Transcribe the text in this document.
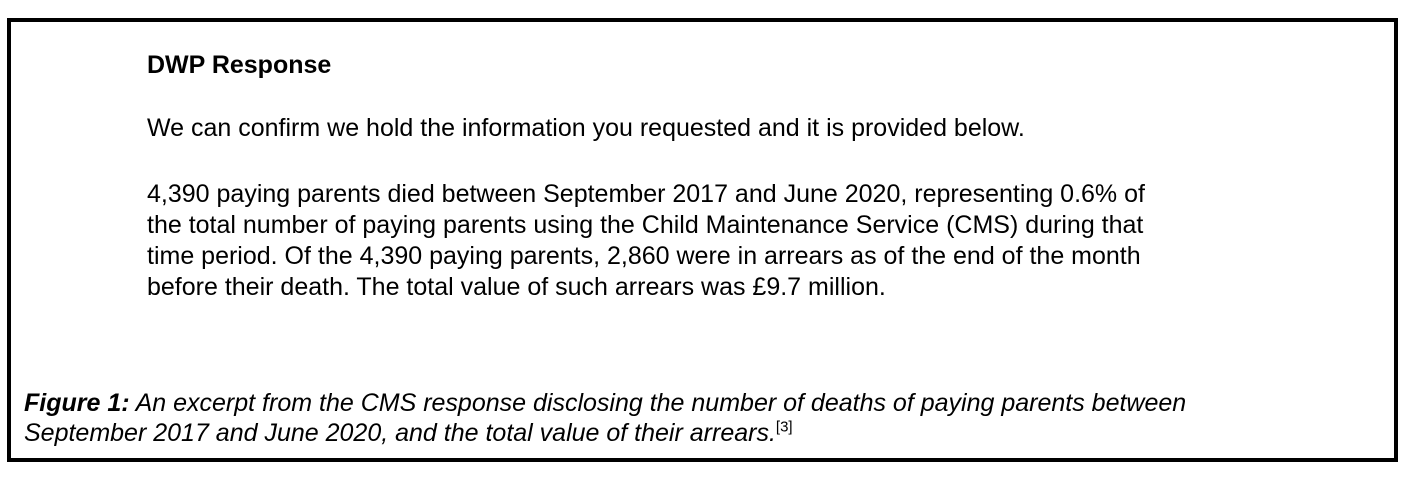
DWP Response

We can confirm we hold the information you requested and it is provided below.

4,390 paying parents died between September 2017 and June 2020, representing 0.6% of
the total number of paying parents using the Child Maintenance Service (CMS) during that
time period. Of the 4,390 paying parents, 2,860 were in arrears as of the end of the month
before their death. The total value of such arrears was £9.7 million.

Figure 1: An excerpt from the CMS response disclosing the number of deaths of paying parents between
September 2017 and June 2020, and the total value of their arrears.[3]
